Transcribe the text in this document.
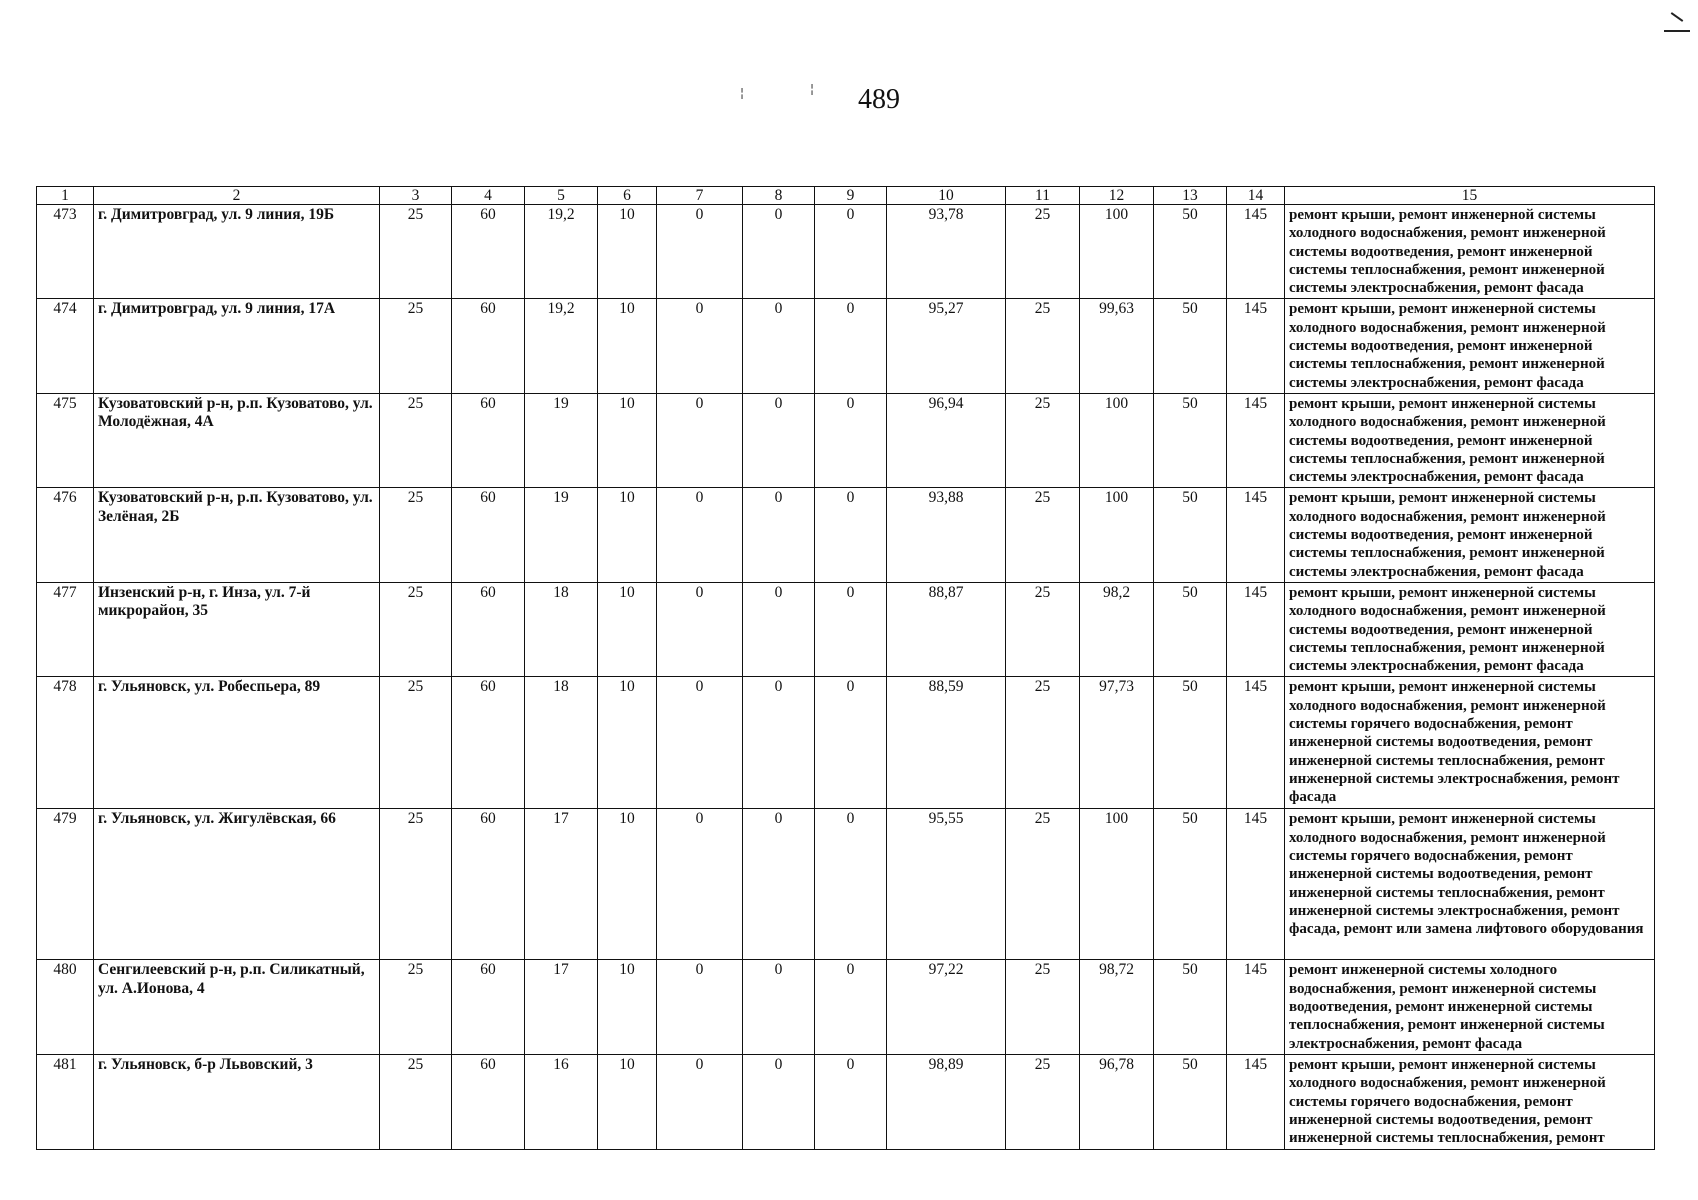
¦	¦ 489
1	2	3	4	5	6	7	8	9	10	11	12	13	14	15
473	г. Димитровград, ул. 9 линия, 19Б	25	60	19,2	10	0	0	0	93,78	25	100	50	145	ремонт крыши, ремонт инженерной системы холодного водоснабжения, ремонт инженерной системы водоотведения, ремонт инженерной системы теплоснабжения, ремонт инженерной системы электроснабжения, ремонт фасада
474	г. Димитровград, ул. 9 линия, 17А	25	60	19,2	10	0	0	0	95,27	25	99,63	50	145	ремонт крыши, ремонт инженерной системы холодного водоснабжения, ремонт инженерной системы водоотведения, ремонт инженерной системы теплоснабжения, ремонт инженерной системы электроснабжения, ремонт фасада
475	Кузоватовский р-н, р.п. Кузоватово, ул. Молодёжная, 4А	25	60	19	10	0	0	0	96,94	25	100	50	145	ремонт крыши, ремонт инженерной системы холодного водоснабжения, ремонт инженерной системы водоотведения, ремонт инженерной системы теплоснабжения, ремонт инженерной системы электроснабжения, ремонт фасада
476	Кузоватовский р-н, р.п. Кузоватово, ул. Зелёная, 2Б	25	60	19	10	0	0	0	93,88	25	100	50	145	ремонт крыши, ремонт инженерной системы холодного водоснабжения, ремонт инженерной системы водоотведения, ремонт инженерной системы теплоснабжения, ремонт инженерной системы электроснабжения, ремонт фасада
477	Инзенский р-н, г. Инза, ул. 7-й микрорайон, 35	25	60	18	10	0	0	0	88,87	25	98,2	50	145	ремонт крыши, ремонт инженерной системы холодного водоснабжения, ремонт инженерной системы водоотведения, ремонт инженерной системы теплоснабжения, ремонт инженерной системы электроснабжения, ремонт фасада
478	г. Ульяновск, ул. Робеспьера, 89	25	60	18	10	0	0	0	88,59	25	97,73	50	145	ремонт крыши, ремонт инженерной системы холодного водоснабжения, ремонт инженерной системы горячего водоснабжения, ремонт инженерной системы водоотведения, ремонт инженерной системы теплоснабжения, ремонт инженерной системы электроснабжения, ремонт фасада
479	г. Ульяновск, ул. Жигулёвская, 66	25	60	17	10	0	0	0	95,55	25	100	50	145	ремонт крыши, ремонт инженерной системы холодного водоснабжения, ремонт инженерной системы горячего водоснабжения, ремонт инженерной системы водоотведения, ремонт инженерной системы теплоснабжения, ремонт инженерной системы электроснабжения, ремонт фасада, ремонт или замена лифтового оборудования
480	Сенгилеевский р-н, р.п. Силикатный, ул. А.Ионова, 4	25	60	17	10	0	0	0	97,22	25	98,72	50	145	ремонт инженерной системы холодного водоснабжения, ремонт инженерной системы водоотведения, ремонт инженерной системы теплоснабжения, ремонт инженерной системы электроснабжения, ремонт фасада
481	г. Ульяновск, б-р Львовский, 3	25	60	16	10	0	0	0	98,89	25	96,78	50	145	ремонт крыши, ремонт инженерной системы холодного водоснабжения, ремонт инженерной системы горячего водоснабжения, ремонт инженерной системы водоотведения, ремонт инженерной системы теплоснабжения, ремонт
